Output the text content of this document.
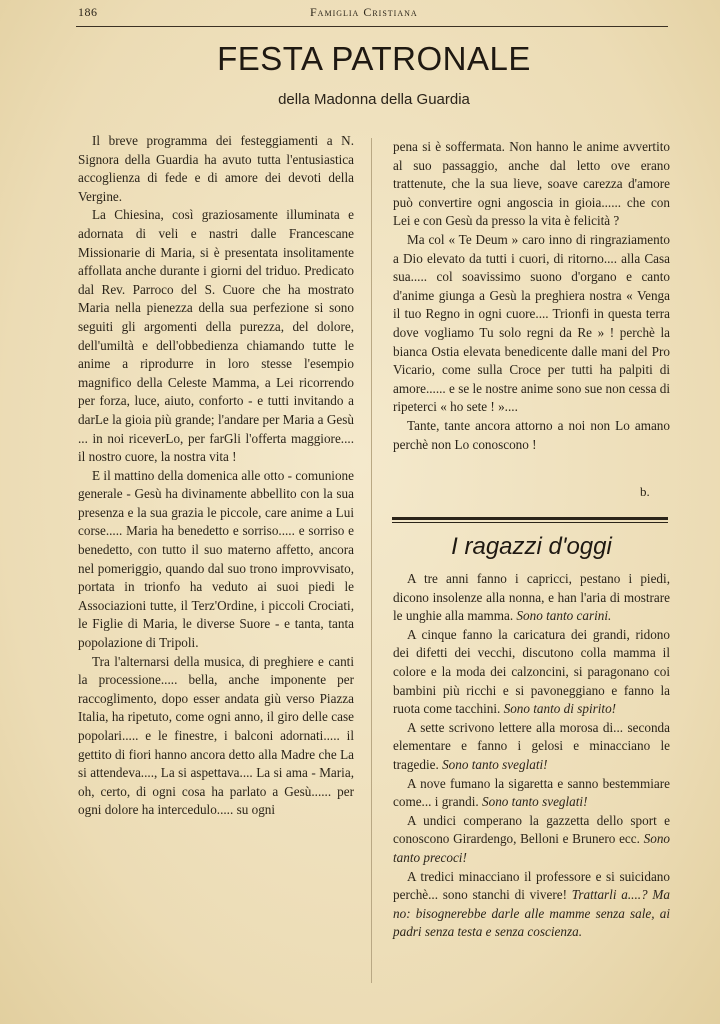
186	Famiglia Cristiana
FESTA PATRONALE
della Madonna della Guardia

Il breve programma dei festeggiamenti a N. Signora della Guardia ha avuto tutta l'entusiastica accoglienza di fede e di amore dei devoti della Vergine.

La Chiesina, così graziosamente illuminata e adornata di veli e nastri dalle Francescane Missionarie di Maria, si è presentata insolitamente affollata anche durante i giorni del triduo. Predicato dal Rev. Parroco del S. Cuore che ha mostrato Maria nella pienezza della sua perfezione si sono seguiti gli argomenti della purezza, del dolore, dell'umiltà e dell'obbedienza chiamando tutte le anime a riprodurre in loro stesse l'esempio magnifico della Celeste Mamma, a Lei ricorrendo per forza, luce, aiuto, conforto - e tutti invitando a darLe la gioia più grande; l'andare per Maria a Gesù ... in noi riceverLo, per farGli l'offerta maggiore.... il nostro cuore, la nostra vita !

E il mattino della domenica alle otto - comunione generale - Gesù ha divinamente abbellito con la sua presenza e la sua grazia le piccole, care anime a Lui corse..... Maria ha benedetto e sorriso..... e sorriso e benedetto, con tutto il suo materno affetto, ancora nel pomeriggio, quando dal suo trono improvvisato, portata in trionfo ha veduto ai suoi piedi le Associazioni tutte, il Terz'Ordine, i piccoli Crociati, le Figlie di Maria, le diverse Suore - e tanta, tanta popolazione di Tripoli.

Tra l'alternarsi della musica, di preghiere e canti la processione..... bella, anche imponente per raccoglimento, dopo esser andata giù verso Piazza Italia, ha ripetuto, come ogni anno, il giro delle case popolari..... e le finestre, i balconi adornati..... il gettito di fiori hanno ancora detto alla Madre che La si attendeva...., La si aspettava.... La si ama - Maria, oh, certo, di ogni cosa ha parlato a Gesù...... per ogni dolore ha intercedulo..... su ogni

pena si è soffermata. Non hanno le anime avvertito al suo passaggio, anche dal letto ove erano trattenute, che la sua lieve, soave carezza d'amore può convertire ogni angoscia in gioia...... che con Lei e con Gesù da presso la vita è felicità ?

Ma col « Te Deum » caro inno di ringraziamento a Dio elevato da tutti i cuori, di ritorno.... alla Casa sua..... col soavissimo suono d'organo e canto d'anime giunga a Gesù la preghiera nostra « Venga il tuo Regno in ogni cuore.... Trionfi in questa terra dove vogliamo Tu solo regni da Re » ! perchè la bianca Ostia elevata benedicente dalle mani del Pro Vicario, come sulla Croce per tutti ha palpiti di amore...... e se le nostre anime sono sue non cessa di ripeterci « ho sete ! »....

Tante, tante ancora attorno a noi non Lo amano perchè non Lo conoscono !

b.
I ragazzi d'oggi

A tre anni fanno i capricci, pestano i piedi, dicono insolenze alla nonna, e han l'aria di mostrare le unghie alla mamma. Sono tanto carini.

A cinque fanno la caricatura dei grandi, ridono dei difetti dei vecchi, discutono colla mamma il colore e la moda dei calzoncini, si paragonano coi bambini più ricchi e si pavoneggiano e fanno la ruota come tacchini. Sono tanto di spirito!

A sette scrivono lettere alla morosa di... seconda elementare e fanno i gelosi e minacciano le tragedie. Sono tanto sveglati!

A nove fumano la sigaretta e sanno bestemmiare come... i grandi. Sono tanto sveglati!

A undici comperano la gazzetta dello sport e conoscono Girardengo, Belloni e Brunero ecc. Sono tanto precoci!

A tredici minacciano il professore e si suicidano perchè... sono stanchi di vivere! Trattarli a....? Ma no: bisognerebbe darle alle mamme senza sale, ai padri senza testa e senza coscienza.
